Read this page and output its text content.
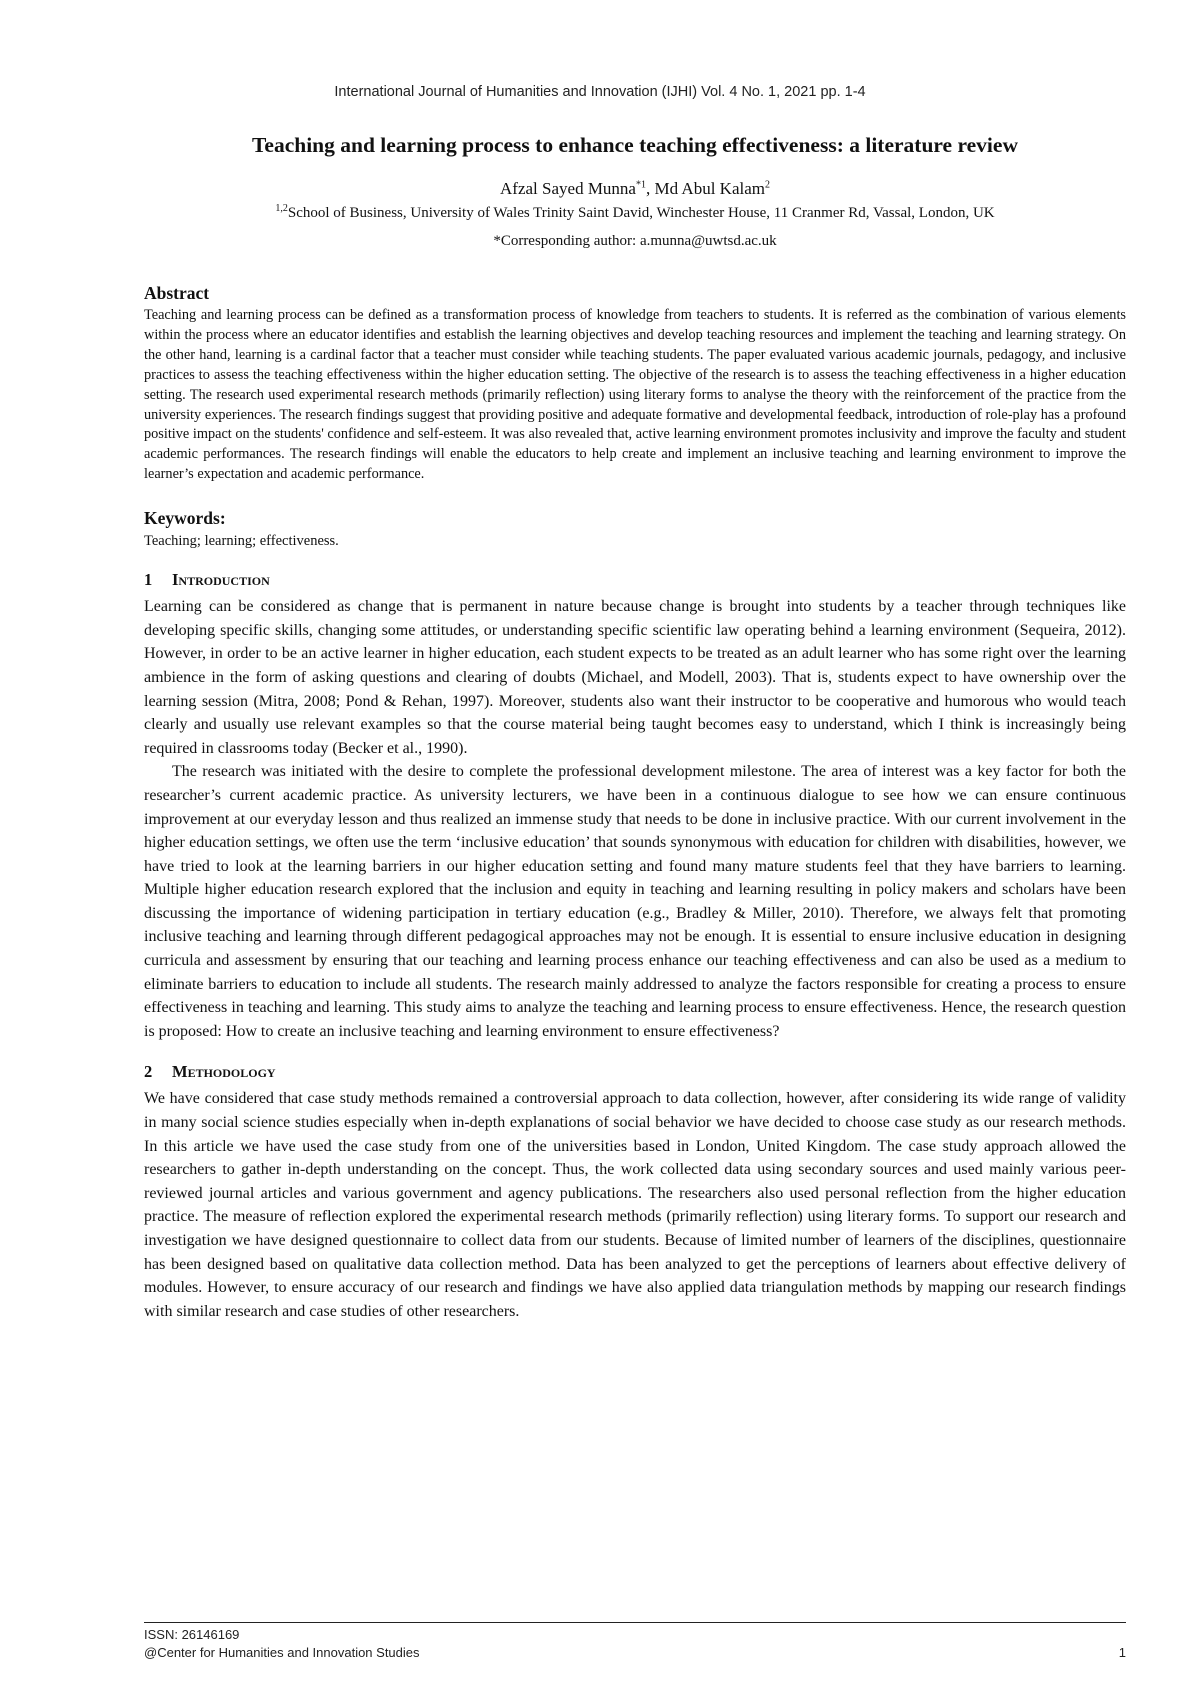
International Journal of Humanities and Innovation (IJHI) Vol. 4 No. 1, 2021 pp. 1-4
Teaching and learning process to enhance teaching effectiveness: a literature review
Afzal Sayed Munna$^{*1}$, Md Abul Kalam$^2$
$^{1,2}$School of Business, University of Wales Trinity Saint David, Winchester House, 11 Cranmer Rd, Vassal, London, UK
*Corresponding author: a.munna@uwtsd.ac.uk
Abstract

Teaching and learning process can be defined as a transformation process of knowledge from teachers to students. It is referred as the combination of various elements within the process where an educator identifies and establish the learning objectives and develop teaching resources and implement the teaching and learning strategy. On the other hand, learning is a cardinal factor that a teacher must consider while teaching students. The paper evaluated various academic journals, pedagogy, and inclusive practices to assess the teaching effectiveness within the higher education setting. The objective of the research is to assess the teaching effectiveness in a higher education setting. The research used experimental research methods (primarily reflection) using literary forms to analyse the theory with the reinforcement of the practice from the university experiences. The research findings suggest that providing positive and adequate formative and developmental feedback, introduction of role-play has a profound positive impact on the students' confidence and self-esteem. It was also revealed that, active learning environment promotes inclusivity and improve the faculty and student academic performances. The research findings will enable the educators to help create and implement an inclusive teaching and learning environment to improve the learner’s expectation and academic performance.

Keywords:
Teaching; learning; effectiveness.
1	Introduction

Learning can be considered as change that is permanent in nature because change is brought into students by a teacher through techniques like developing specific skills, changing some attitudes, or understanding specific scientific law operating behind a learning environment (Sequeira, 2012). However, in order to be an active learner in higher education, each student expects to be treated as an adult learner who has some right over the learning ambience in the form of asking questions and clearing of doubts (Michael, and Modell, 2003). That is, students expect to have ownership over the learning session (Mitra, 2008; Pond & Rehan, 1997). Moreover, students also want their instructor to be cooperative and humorous who would teach clearly and usually use relevant examples so that the course material being taught becomes easy to understand, which I think is increasingly being required in classrooms today (Becker et al., 1990).

The research was initiated with the desire to complete the professional development milestone. The area of interest was a key factor for both the researcher’s current academic practice. As university lecturers, we have been in a continuous dialogue to see how we can ensure continuous improvement at our everyday lesson and thus realized an immense study that needs to be done in inclusive practice. With our current involvement in the higher education settings, we often use the term ‘inclusive education’ that sounds synonymous with education for children with disabilities, however, we have tried to look at the learning barriers in our higher education setting and found many mature students feel that they have barriers to learning. Multiple higher education research explored that the inclusion and equity in teaching and learning resulting in policy makers and scholars have been discussing the importance of widening participation in tertiary education (e.g., Bradley & Miller, 2010). Therefore, we always felt that promoting inclusive teaching and learning through different pedagogical approaches may not be enough. It is essential to ensure inclusive education in designing curricula and assessment by ensuring that our teaching and learning process enhance our teaching effectiveness and can also be used as a medium to eliminate barriers to education to include all students. The research mainly addressed to analyze the factors responsible for creating a process to ensure effectiveness in teaching and learning. This study aims to analyze the teaching and learning process to ensure effectiveness. Hence, the research question is proposed: How to create an inclusive teaching and learning environment to ensure effectiveness?

2	Methodology

We have considered that case study methods remained a controversial approach to data collection, however, after considering its wide range of validity in many social science studies especially when in-depth explanations of social behavior we have decided to choose case study as our research methods. In this article we have used the case study from one of the universities based in London, United Kingdom. The case study approach allowed the researchers to gather in-depth understanding on the concept. Thus, the work collected data using secondary sources and used mainly various peer-reviewed journal articles and various government and agency publications. The researchers also used personal reflection from the higher education practice. The measure of reflection explored the experimental research methods (primarily reflection) using literary forms. To support our research and investigation we have designed questionnaire to collect data from our students. Because of limited number of learners of the disciplines, questionnaire has been designed based on qualitative data collection method. Data has been analyzed to get the perceptions of learners about effective delivery of modules. However, to ensure accuracy of our research and findings we have also applied data triangulation methods by mapping our research findings with similar research and case studies of other researchers.

ISSN: 26146169
@Center for Humanities and Innovation Studies	1
